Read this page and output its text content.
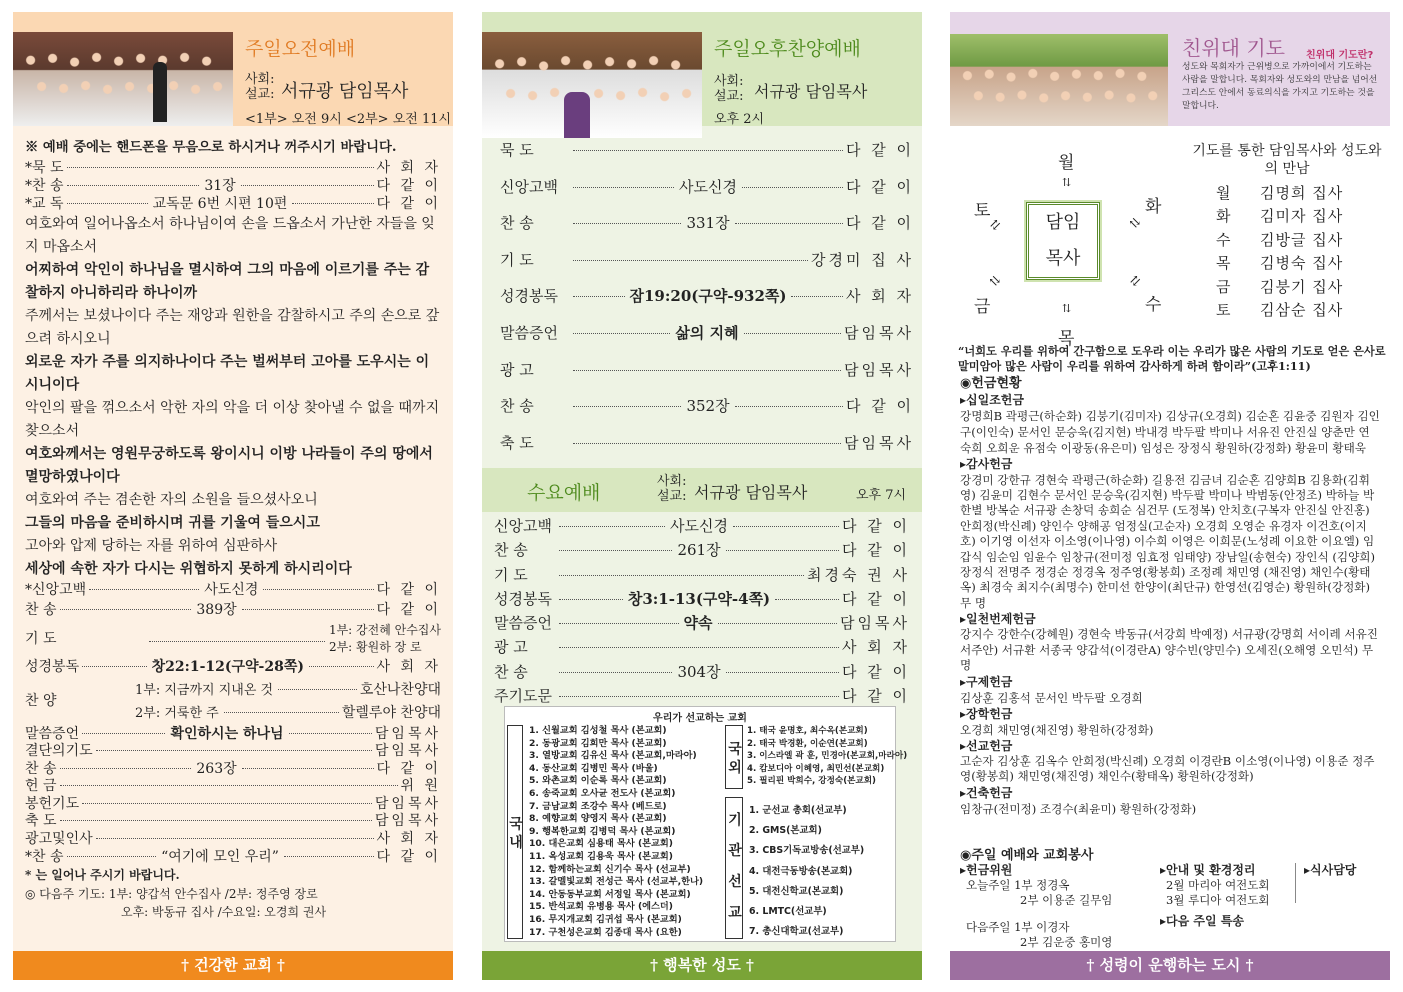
주일오전예배
사회:
설교: 서규광 담임목사
<1부> 오전 9시 <2부> 오전 11시
※ 예배 중에는 핸드폰을 무음으로 하시거나 꺼주시기 바랍니다.
*묵 도	사 회 자
*찬 송	31장	다 같 이
*교 독	교독문 6번 시편 10편	다 같 이
여호와여 일어나옵소서 하나님이여 손을 드옵소서 가난한 자들을 잊지 마옵소서
어찌하여 악인이 하나님을 멸시하여 그의 마음에 이르기를 주는 감찰하지 아니하리라 하나이까
주께서는 보셨나이다 주는 재앙과 원한을 감찰하시고 주의 손으로 갚으려 하시오니
외로운 자가 주를 의지하나이다 주는 벌써부터 고아를 도우시는 이시니이다
악인의 팔을 꺾으소서 악한 자의 악을 더 이상 찾아낼 수 없을 때까지 찾으소서
여호와께서는 영원무궁하도록 왕이시니 이방 나라들이 주의 땅에서 멸망하였나이다
여호와여 주는 겸손한 자의 소원을 들으셨사오니
그들의 마음을 준비하시며 귀를 기울여 들으시고
고아와 압제 당하는 자를 위하여 심판하사
세상에 속한 자가 다시는 위협하지 못하게 하시리이다
*신앙고백	사도신경	다 같 이
찬 송	389장	다 같 이
기 도
1부: 강전혜 안수집사
2부: 황원하 장 로
성경봉독	창22:1-12(구약-28쪽)	사 회 자
찬 양
1부: 지금까지 지내온 것	호산나찬양대
2부: 거룩한 주	할렐루야 찬양대
말씀증언	확인하시는 하나님	담임목사
결단의기도	담임목사
찬 송	263장	다 같 이
헌 금	위 원
봉헌기도	담임목사
축 도	담임목사
광고및인사	사 회 자
*찬 송	“여기에 모인 우리”	다 같 이
* 는 일어나 주시기 바랍니다.
◎ 다음주 기도: 1부: 양갑석 안수집사 /2부: 정주영 장로
오후: 박동규 집사 /수요일: 오경희 권사
† 건강한 교회 †
주일오후찬양예배
사회:
설교: 서규광 담임목사
오후 2시
묵 도	다 같 이
신앙고백	사도신경	다 같 이
찬 송	331장	다 같 이
기 도	강경미 집 사
성경봉독	잠19:20(구약-932쪽)	사 회 자
말씀증언	삶의 지혜	담임목사
광 고	담임목사
찬 송	352장	다 같 이
축 도	담임목사
수요예배
사회:
설교: 서규광 담임목사	오후 7시
신앙고백	사도신경	다 같 이
찬 송	261장	다 같 이
기 도	최경숙 권 사
성경봉독	창3:1-13(구약-4쪽)	다 같 이
말씀증언	약속	담임목사
광 고	사 회 자
찬 송	304장	다 같 이
주기도문	다 같 이
우리가 선교하는 교회
국 내
1. 신월교회 김성철 목사 (본교회)
2. 동광교회 김희만 목사 (본교회)
3. 열방교회 김유신 목사 (본교회,마라아)
4. 동산교회 김병민 목사 (바울)
5. 와촌교회 이순록 목사 (본교회)
6. 송죽교회 오사균 전도사 (본교회)
7. 금남교회 조강수 목사 (베드로)
8. 예향교회 양영지 목사 (본교회)
9. 행복한교회 김병덕 목사 (본교회)
10. 대은교회 심용태 목사 (본교회)
11. 옥성교회 김용욱 목사 (본교회)
12. 함께하는교회 신기수 목사 (선교부)
13. 갈멜빛교회 전성근 목사 (선교부,한나)
14. 안동동부교회 서정일 목사 (본교회)
15. 반석교회 유병용 목사 (에스더)
16. 무지개교회 김귀섭 목사 (본교회)
17. 구천성은교회 김종대 목사 (요한)
국 외
1. 태국 윤명호, 최수옥(본교회)
2. 태국 박경환, 이순연(본교회)
3. 이스라엘 곽 훈, 민경아(본교회,마라아)
4. 캄보디아 이혜영, 최민선(본교회)
5. 필리핀 박희수, 강정숙(본교회)
기 관 선 교
1. 군선교 총회(선교부)
2. GMS(본교회)
3. CBS기독교방송(선교부)
4. 대전극동방송(본교회)
5. 대전신학교(본교회)
6. LMTC(선교부)
7. 총신대학교(선교부)
† 행복한 성도 †
친위대 기도 친위대 기도란?
성도와 목회자가 근위병으로 가까이에서 기도하는 사람을 말합니다. 목회자와 성도와의 만남을 넘어선 그리스도 안에서 동료의식을 가지고 기도하는 것을 말합니다.
담임 목사
월
⇅
화
⇅
수
⇅
목
⇅
금
⇅
토
⇅
기도를 통한 담임목사와 성도와의 만남
월	김명희 집사
화	김미자 집사
수	김방글 집사
목	김병숙 집사
금	김붕기 집사
토	김삼순 집사
“너희도 우리를 위하여 간구함으로 도우라 이는 우리가 많은 사람의 기도로 얻은 은사로 말미암아 많은 사람이 우리를 위하여 감사하게 하려 함이라”(고후1:11)
◉헌금현황
▸십일조헌금
강명희B 곽평근(하순화) 김붕기(김미자) 김상규(오경희) 김순혼 김윤중 김원자 김인구(이인숙) 문서인 문승욱(김지현) 박내경 박두팔 박미나 서유진 안진실 양춘만 연숙희 오희운 유점숙 이광동(유은미) 임성은 장정식 황원하(강정화) 황윤미 황태욱
▸감사헌금
강경미 강한규 경현숙 곽평근(하순화) 길용전 김금녀 김순혼 김양희B 김용화(김휘영) 김윤미 김현수 문서인 문승욱(김지현) 박두팔 박미나 박범동(안정조) 박하늘 박한별 방복순 서규광 손창덕 송희순 심건무 (도정복) 안치호(구복자 안진실 안진홍) 안희정(박신례) 양인수 양해공 엄정실(고순자) 오경희 오영순 유경자 이건호(이지호) 이기영 이선자 이소영(이나영) 이수희 이영은 이희문(노성례 이요한 이요엘) 임갑식 임순임 임윤수 임창규(전미정 임효정 임태양) 장남일(송현숙) 장인식 (김양희) 장정식 전명주 정경순 정경옥 정주영(황봉희) 조정례 채민영 (채진영) 채인수(황태옥) 최경숙 최지수(최명수) 한미선 한양이(최단규) 한영선(김영순) 황원하(강정화) 무 명
▸일천번제헌금
강지수 강한수(강혜원) 경현숙 박동규(서강희 박예정) 서규광(강명희 서이레 서유진 서주안) 서규환 서종국 양갑석(이경란A) 양수빈(양민수) 오세진(오해영 오민석) 무 명
▸구제헌금
김상훈 김홍석 문서인 박두팔 오경희
▸장학헌금
오경희 채민영(채진영) 황원하(강정화)
▸선교헌금
고순자 김상훈 김옥수 안희정(박신례) 오경희 이경란B 이소영(이나영) 이용준 정주영(황봉희) 채민영(채진영) 채인수(황태옥) 황원하(강정화)
▸건축헌금
임창규(전미정) 조경수(최윤미) 황원하(강정화)
◉주일 예배와 교회봉사
▸헌금위원
오늘주일 1부 정경옥
2부 이용준 길무임
다음주일 1부 이경자
2부 김운중 홍미영
▸안내 및 환경정리
2월 마리아 여전도회
3월 루디아 여전도회
▸다음 주일 특송
▸식사담당
† 성령이 운행하는 도시 †
